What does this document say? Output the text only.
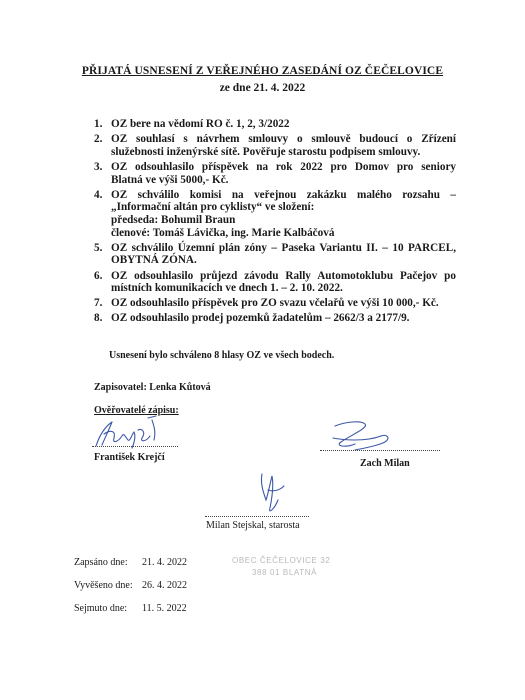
PŘIJATÁ USNESENÍ Z VEŘEJNÉHO ZASEDÁNÍ OZ ČEČELOVICE
ze dne 21. 4. 2022
1. OZ bere na vědomí RO č. 1, 2, 3/2022
2. OZ souhlasí s návrhem smlouvy o smlouvě budoucí o Zřízení
služebnosti inženýrské sítě. Pověřuje starostu podpisem smlouvy.
3. OZ odsouhlasilo příspěvek na rok 2022 pro Domov pro seniory
Blatná ve výši 5000,- Kč.
4. OZ schválilo komisi na veřejnou zakázku malého rozsahu –
„Informační altán pro cyklisty“ ve složení:
předseda: Bohumil Braun
členové: Tomáš Lávička, ing. Marie Kalbáčová
5. OZ schválilo Územní plán zóny – Paseka Variantu II. – 10 PARCEL,
OBYTNÁ ZÓNA.
6. OZ odsouhlasilo průjezd závodu Rally Automotoklubu Pačejov po
místních komunikacích ve dnech 1. – 2. 10. 2022.
7. OZ odsouhlasilo příspěvek pro ZO svazu včelařů ve výši 10 000,- Kč.
8. OZ odsouhlasilo prodej pozemků žadatelům – 2662/3 a 2177/9.
Usnesení bylo schváleno 8 hlasy OZ ve všech bodech.
Zapisovatel: Lenka Kůtová
Ověřovatelé zápisu:
František Krejčí
Zach Milan
Milan Stejskal, starosta
OBEC ČEČELOVICE 32
388 01 BLATNÁ
Zapsáno dne: 21. 4. 2022
Vyvěšeno dne: 26. 4. 2022
Sejmuto dne: 11. 5. 2022
